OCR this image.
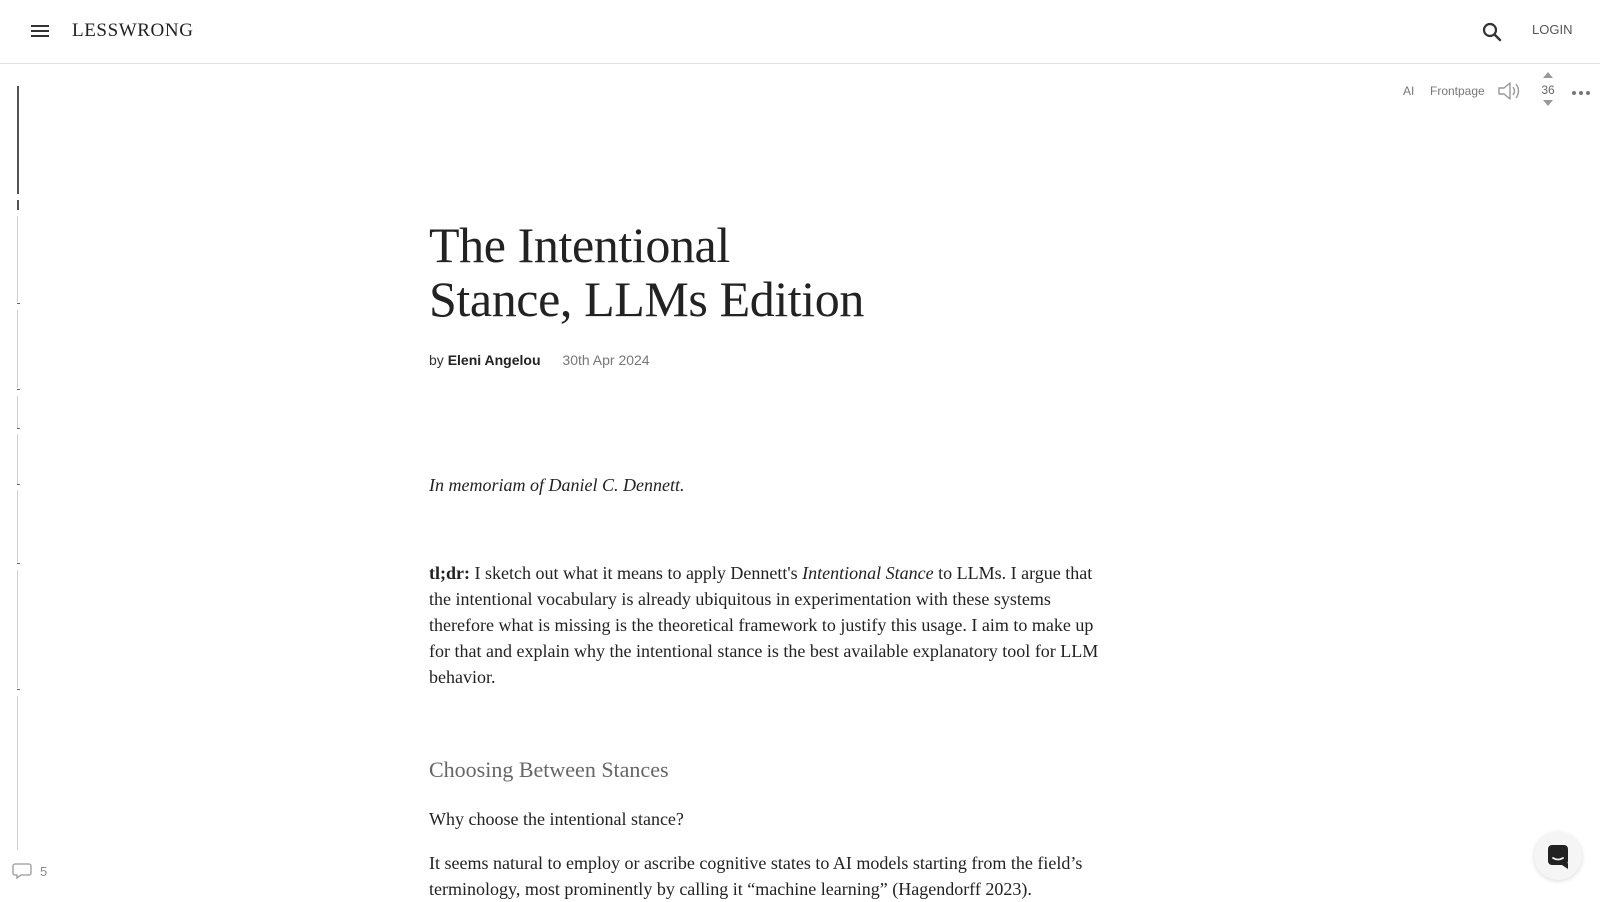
LESSWRONG	LOGIN
5
AI Frontpage	36
The Intentional Stance, LLMs Edition
by Eleni Angelou 30th Apr 2024
In memoriam of Daniel C. Dennett.
tl;dr: I sketch out what it means to apply Dennett's Intentional Stance to LLMs. I argue that the intentional vocabulary is already ubiquitous in experimentation with these systems therefore what is missing is the theoretical framework to justify this usage. I aim to make up for that and explain why the intentional stance is the best available explanatory tool for LLM behavior.
Choosing Between Stances
Why choose the intentional stance?
It seems natural to employ or ascribe cognitive states to AI models starting from the field’s terminology, most prominently by calling it “machine learning” (Hagendorff 2023).
